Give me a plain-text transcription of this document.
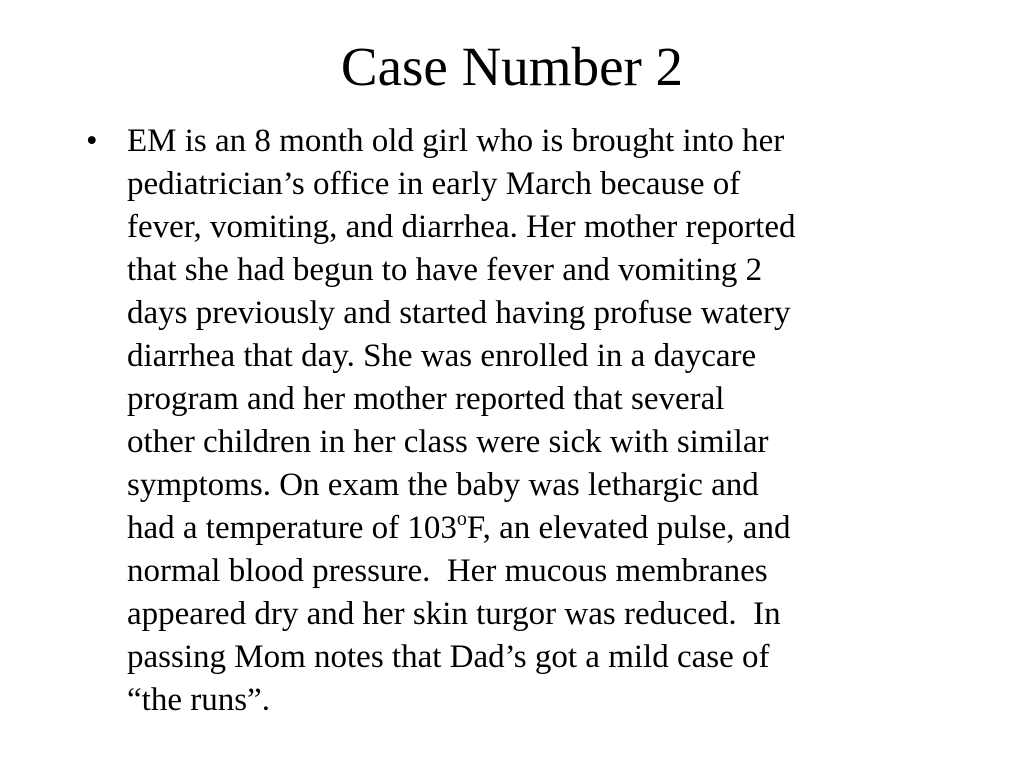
Case Number 2
• EM is an 8 month old girl who is brought into her
pediatrician’s office in early March because of
fever, vomiting, and diarrhea. Her mother reported
that she had begun to have fever and vomiting 2
days previously and started having profuse watery
diarrhea that day. She was enrolled in a daycare
program and her mother reported that several
other children in her class were sick with similar
symptoms. On exam the baby was lethargic and
had a temperature of 103$^o$F, an elevated pulse, and
normal blood pressure.  Her mucous membranes
appeared dry and her skin turgor was reduced.  In
passing Mom notes that Dad’s got a mild case of
“the runs”.
